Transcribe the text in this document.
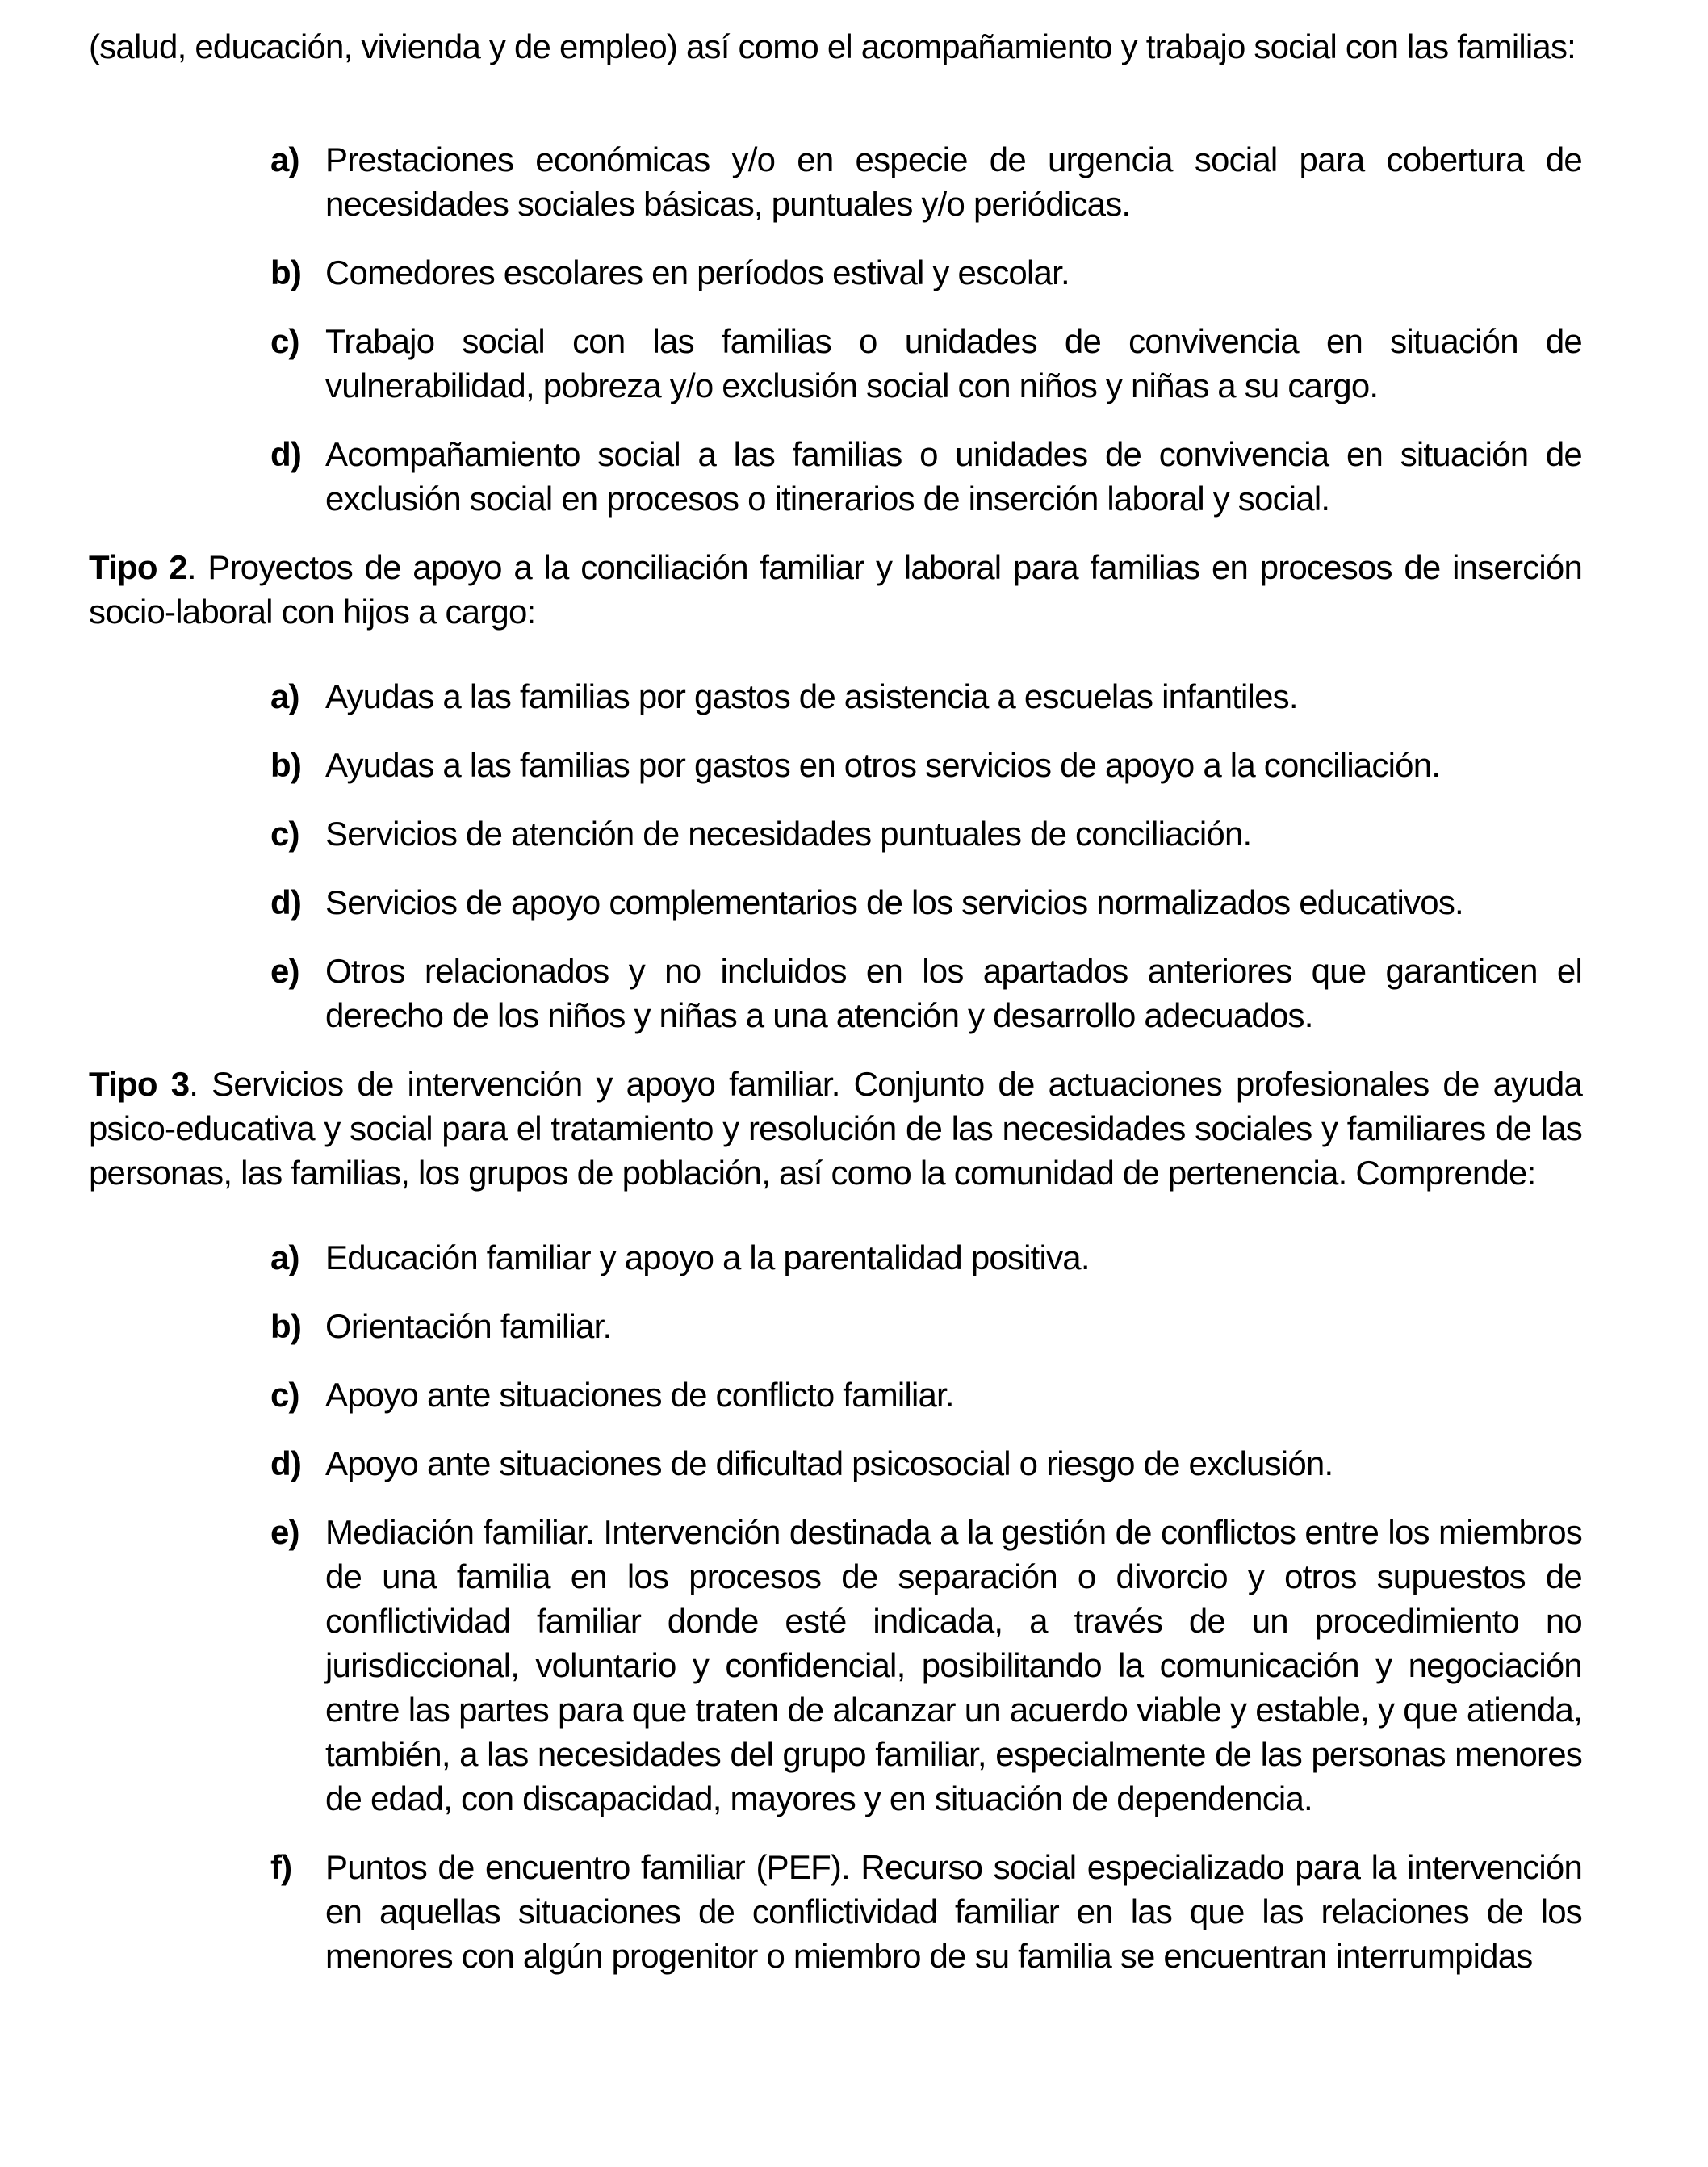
(salud, educación, vivienda y de empleo) así como el acompañamiento y trabajo social con las familias:

a) Prestaciones económicas y/o en especie de urgencia social para cobertura de necesidades sociales básicas, puntuales y/o periódicas.
b) Comedores escolares en períodos estival y escolar.
c) Trabajo social con las familias o unidades de convivencia en situación de vulnerabilidad, pobreza y/o exclusión social con niños y niñas a su cargo.
d) Acompañamiento social a las familias o unidades de convivencia en situación de exclusión social en procesos o itinerarios de inserción laboral y social.

Tipo 2. Proyectos de apoyo a la conciliación familiar y laboral para familias en procesos de inserción socio-laboral con hijos a cargo:

a) Ayudas a las familias por gastos de asistencia a escuelas infantiles.
b) Ayudas a las familias por gastos en otros servicios de apoyo a la conciliación.
c) Servicios de atención de necesidades puntuales de conciliación.
d) Servicios de apoyo complementarios de los servicios normalizados educativos.
e) Otros relacionados y no incluidos en los apartados anteriores que garanticen el derecho de los niños y niñas a una atención y desarrollo adecuados.

Tipo 3. Servicios de intervención y apoyo familiar. Conjunto de actuaciones profesionales de ayuda psico-educativa y social para el tratamiento y resolución de las necesidades sociales y familiares de las personas, las familias, los grupos de población, así como la comunidad de pertenencia. Comprende:

a) Educación familiar y apoyo a la parentalidad positiva.
b) Orientación familiar.
c) Apoyo ante situaciones de conflicto familiar.
d) Apoyo ante situaciones de dificultad psicosocial o riesgo de exclusión.
e) Mediación familiar. Intervención destinada a la gestión de conflictos entre los miembros de una familia en los procesos de separación o divorcio y otros supuestos de conflictividad familiar donde esté indicada, a través de un procedimiento no jurisdiccional, voluntario y confidencial, posibilitando la comunicación y negociación entre las partes para que traten de alcanzar un acuerdo viable y estable, y que atienda, también, a las necesidades del grupo familiar, especialmente de las personas menores de edad, con discapacidad, mayores y en situación de dependencia.
f) Puntos de encuentro familiar (PEF). Recurso social especializado para la intervención en aquellas situaciones de conflictividad familiar en las que las relaciones de los menores con algún progenitor o miembro de su familia se encuentran interrumpidas
